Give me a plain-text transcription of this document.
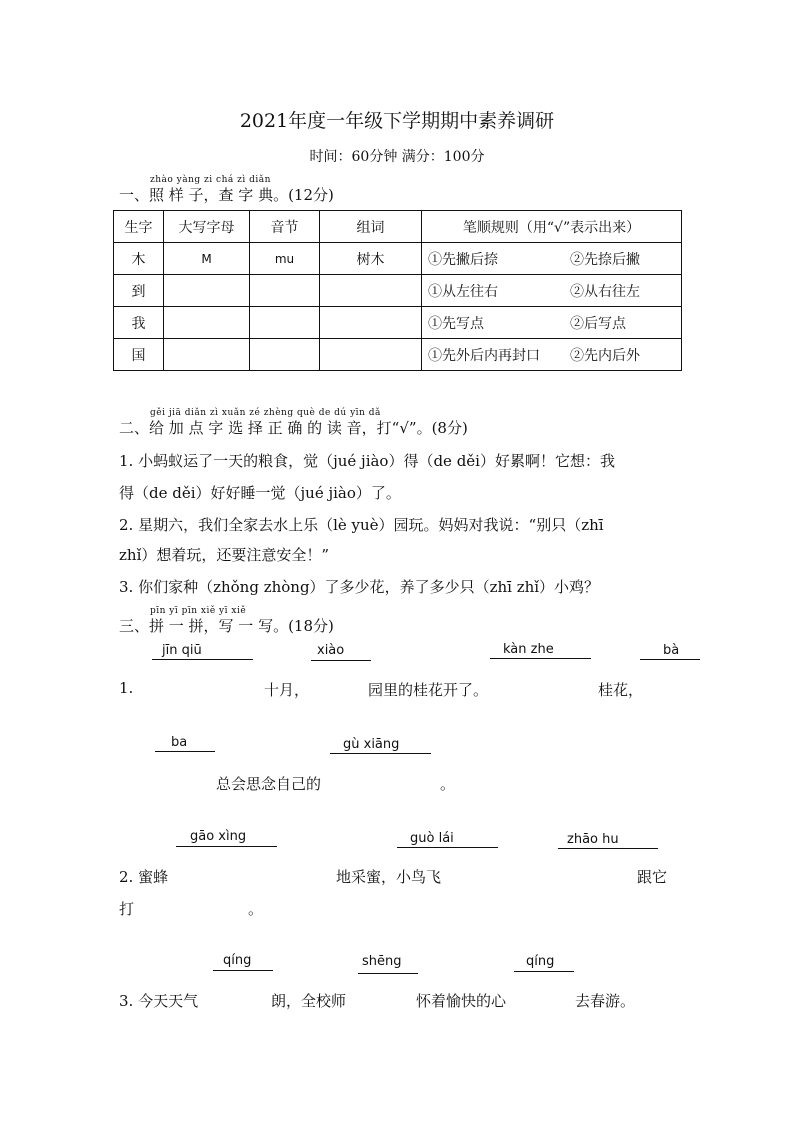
2021年度一年级下学期期中素养调研
时间：60分钟 满分：100分
zhào yàng zi chá zì diǎn
一、照 样 子，查 字 典。(12分)
生字	大写字母	音节	组词	笔顺规则（用“√”表示出来）
木	M	mu	树木	①先撇后捺 ②先捺后撇
到				①从左往右 ②从右往左
我				①先写点 ②后写点
国				①先外后内再封口 ②先内后外
gěi jiā diǎn zì xuǎn zé zhèng què de dú yīn dǎ
二、给 加 点 字 选 择 正 确 的 读 音，打“√”。(8分)
1. 小蚂蚁运了一天的粮食，觉（jué jiào）得（de děi）好累啊！它想：我
得（de děi）好好睡一觉（jué jiào）了。
2. 星期六，我们全家去水上乐（lè yuè）园玩。妈妈对我说：“别只（zhī
zhǐ）想着玩，还要注意安全！”
3. 你们家种（zhǒng zhòng）了多少花，养了多少只（zhī zhǐ）小鸡？
pīn yī pīn xiě yī xiě
三、拼 一 拼，写 一 写。(18分)
jīn qiū	xiào	kàn zhe	bà
1.	十月，	园里的桂花开了。	桂花，
ba	gù xiāng
总会思念自己的	。
gāo xìng	guò lái	zhāo hu
2. 蜜蜂	地采蜜，小鸟飞	跟它
打	。
qíng	shēng	qíng
3. 今天天气	朗，全校师	怀着愉快的心	去春游。
